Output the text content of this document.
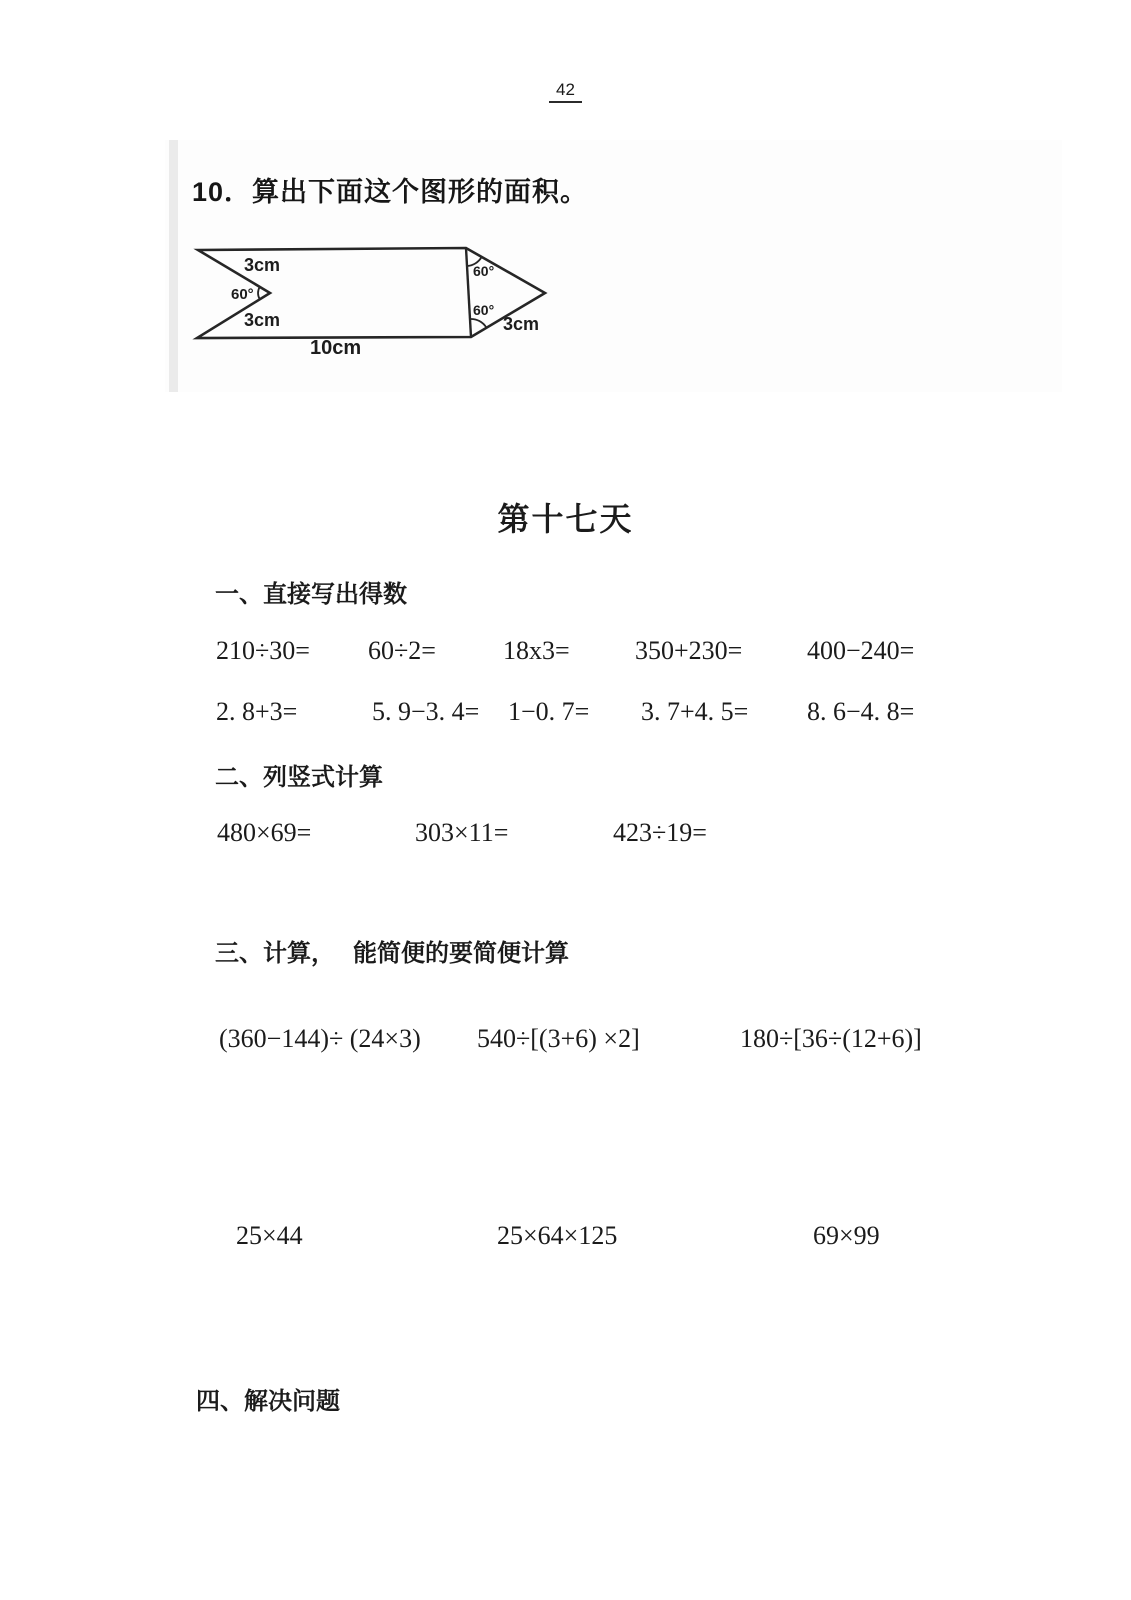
42
10．算出下面这个图形的面积。
3cm
60°
3cm
10cm
60°
60°
3cm
第十七天
一、直接写出得数
210÷30= 60÷2=	18x3=	350+230= 400−240=
2. 8+3=	5. 9−3. 4= 1−0. 7= 3. 7+4. 5= 8. 6−4. 8=
二、列竖式计算
480×69=	303×11=	423÷19=
三、计算，　 能简便的要简便计算
(360−144)÷ (24×3) 540÷[(3+6) ×2]	180÷[36÷(12+6)]
25×44	25×64×125	69×99
四、解决问题
